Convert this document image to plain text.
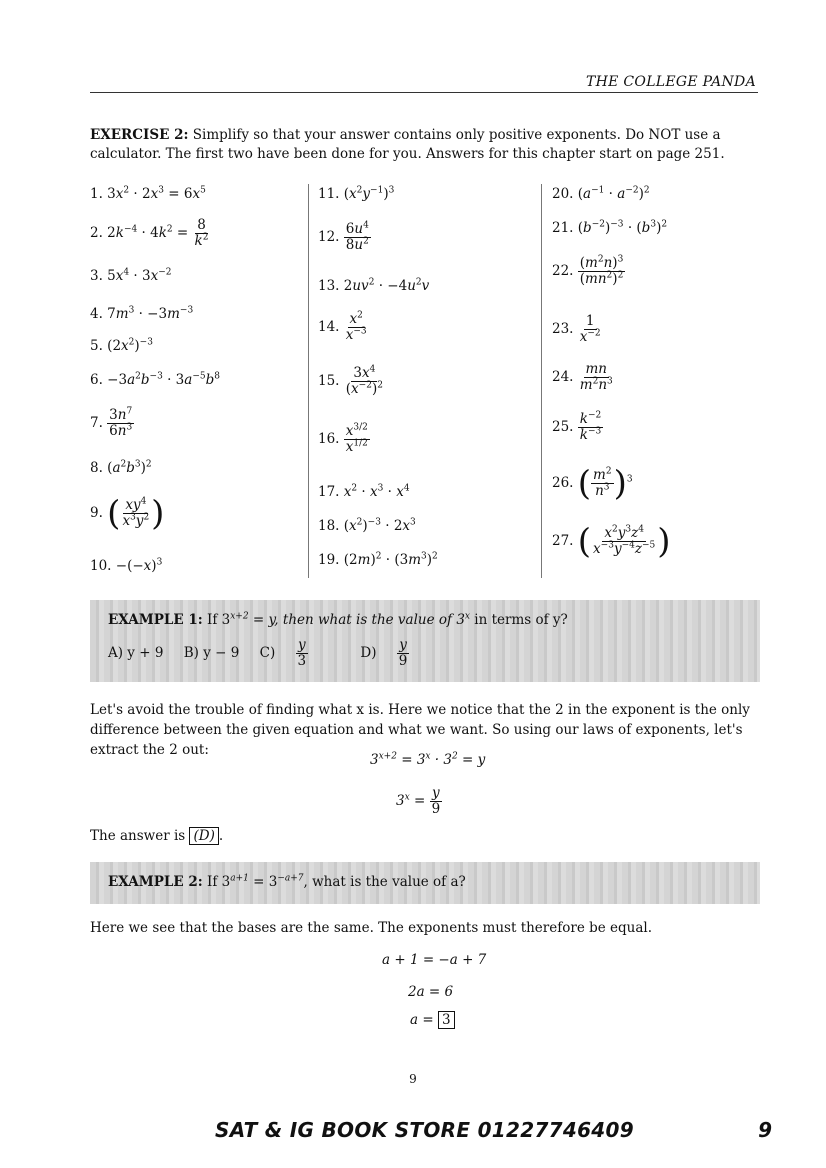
THE COLLEGE PANDA
EXERCISE 2: Simplify so that your answer contains only positive exponents. Do NOT use a calculator. The first two have been done for you. Answers for this chapter start on page 251.
1. $3x^2 \cdot 2x^3 = 6x^5$
2. $2k^{-4} \cdot 4k^2 = \frac{8}{k^2}$
3. $5x^4 \cdot 3x^{-2}$
4. $7m^3 \cdot -3m^{-3}$
5. $(2x^2)^{-3}$
6. $-3a^2b^{-3} \cdot 3a^{-5}b^8$
7. $\frac{3n^7}{6n^3}$
8. $(a^2b^3)^2$
9. ( $\frac{xy^4}{x^3y^2}$ )
10. $-(-x)^3$
11. $(x^2y^{-1})^3$
12. $\frac{6u^4}{8u^2}$
13. $2uv^2 \cdot -4u^2v$
14. $\frac{x^2}{x^{-3}}$
15. $\frac{3x^4}{(x^{-2})^2}$
16. $\frac{x^{3/2}}{x^{1/2}}$
17. $x^2 \cdot x^3 \cdot x^4$
18. $(x^2)^{-3} \cdot 2x^3$
19. $(2m)^2 \cdot (3m^3)^2$
20. $(a^{-1} \cdot a^{-2})^2$
21. $(b^{-2})^{-3} \cdot (b^3)^2$
22. $\frac{(m^2n)^3}{(mn^2)^2}$
23. $\frac{1}{x^{-2}}$
24. $\frac{mn}{m^2n^3}$
25. $\frac{k^{-2}}{k^{-3}}$
26. ( $\frac{m^2}{n^3} )^3$
27. ( $\frac{x^2y^3z^4}{x^{-3}y^{-4}z^{-5}}$ )
EXAMPLE 1: If $3^{x+2} = y$, then what is the value of 3$^x$ in terms of y?
A) y + 9 B) y − 9 $C) \frac{y}{3}$	$D) \frac{y}{9}$
Let's avoid the trouble of finding what x is. Here we notice that the 2 in the exponent is the only difference between the given equation and what we want. So using our laws of exponents, let's extract the 2 out:
$3^{x+2} = 3^x \cdot 3^2 = y$
$3^x = \frac{y}{9}$
The answer is (D) .
EXAMPLE 2: If $3^{a+1} = 3^{-a+7}$, what is the value of a?
Here we see that the bases are the same. The exponents must therefore be equal.
a + 1 = −a + 7
2a = 6
a = 3
9
SAT & IG BOOK STORE 01227746409	9
